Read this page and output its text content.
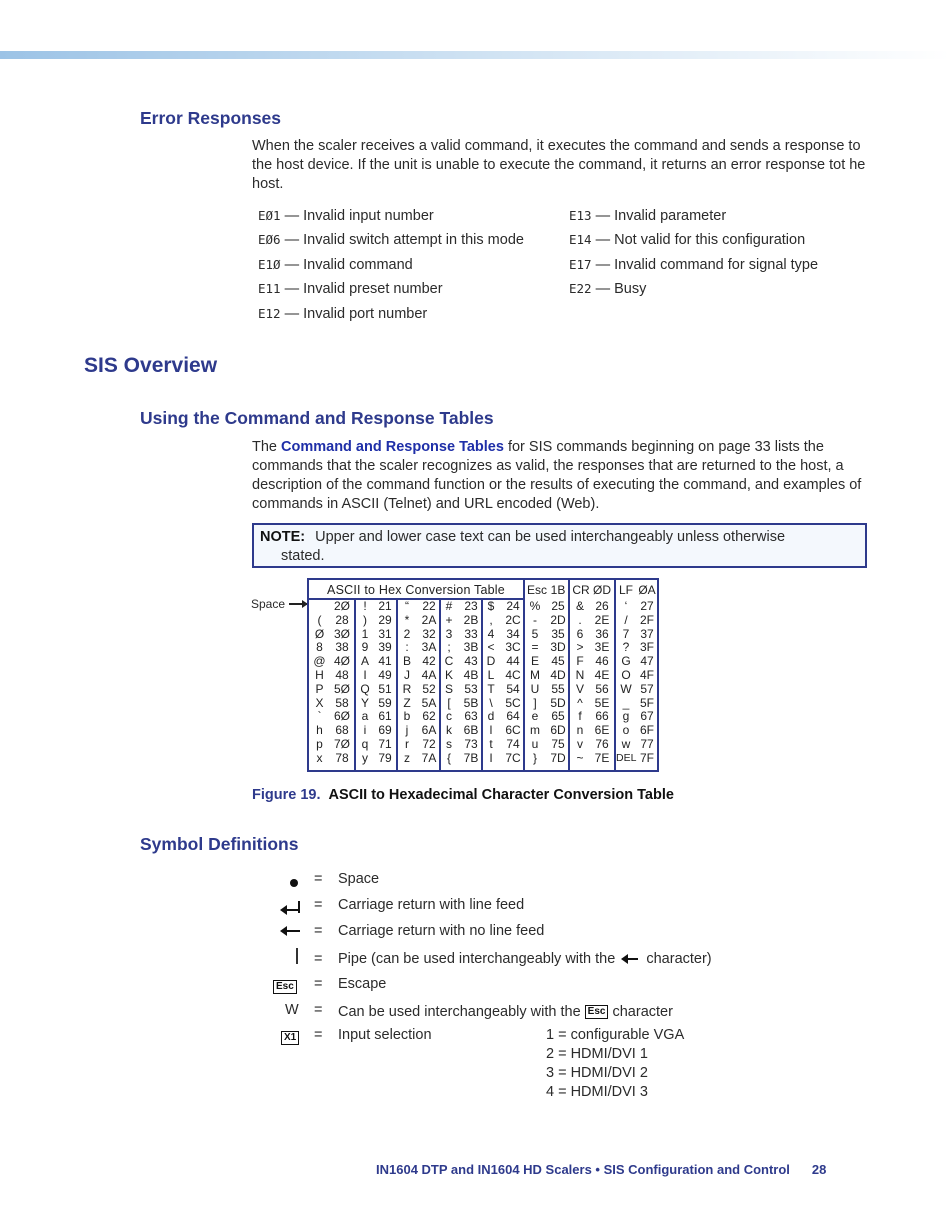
Error Responses
When the scaler receives a valid command, it executes the command and sends a response to the host device. If the unit is unable to execute the command, it returns an error response tot he host.
EØ1 — Invalid input number
EØ6 — Invalid switch attempt in this mode
E1Ø — Invalid command
E11 — Invalid preset number
E12 — Invalid port number
E13 — Invalid parameter
E14 — Not valid for this configuration
E17 — Invalid command for signal type
E22 — Busy
SIS Overview
Using the Command and Response Tables
The Command and Response Tables for SIS commands beginning on page 33 lists the commands that the scaler recognizes as valid, the responses that are returned to the host, a description of the command function or the results of executing the command, and examples of commands in ASCII (Telnet) and URL encoded (Web).
NOTE: Upper and lower case text can be used interchangeably unless otherwise
stated.
Space
ASCII to Hex Conversion Table	Esc 1B CR ØD LF ØA
(
Ø
8
@
H
P
X
`
h
p
x
2Ø
28
3Ø
38
4Ø
48
5Ø
58
6Ø
68
7Ø
78
!
)
1
9
A
I
Q
Y
a
i
q
y
21
29
31
39
41
49
51
59
61
69
71
79
“
*
2
:
B
J
R
Z
b
j
r
z
22
2A
32
3A
42
4A
52
5A
62
6A
72
7A
#
+
3
;
C
K
S
[
c
k
s
{
23
2B
33
3B
43
4B
53
5B
63
6B
73
7B
$
,
4
<
D
L
T
\
d
l
t
I
24
2C
34
3C
44
4C
54
5C
64
6C
74
7C
%
-
5
=
E
M
U
]
e
m
u
}
25
2D
35
3D
45
4D
55
5D
65
6D
75
7D
&
.
6
>
F
N
V
^
f
n
v
~
26
2E
36
3E
46
4E
56
5E
66
6E
76
7E
‘
/
7
?
G
O
W
_
g
o
w
DEL
27
2F
37
3F
47
4F
57
5F
67
6F
77
7F
Figure 19. ASCII to Hexadecimal Character Conversion Table
Symbol Definitions
= Space
= Carriage return with line feed
= Carriage return with no line feed
= Pipe (can be used interchangeably with the  character)
Esc = Escape
W = Can be used interchangeably with the Esc character
X1 = Input selection	1 = configurable VGA
2 = HDMI/DVI 1
3 = HDMI/DVI 2
4 = HDMI/DVI 3
IN1604 DTP and IN1604 HD Scalers • SIS Configuration and Control 28
